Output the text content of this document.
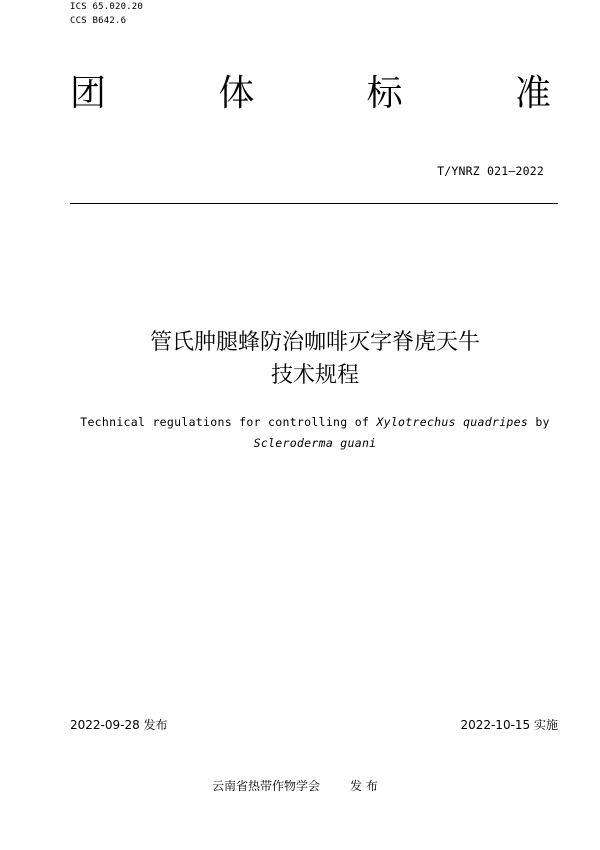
ICS 65.020.20
CCS B642.6
团	体	标	准
T/YNRZ 021—2022
管氏肿腿蜂防治咖啡灭字脊虎天牛
技术规程
Technical regulations for controlling of Xylotrechus quadripes by
Scleroderma guani
2022-09-28 发布	2022-10-15 实施
云南省热带作物学会	发 布
